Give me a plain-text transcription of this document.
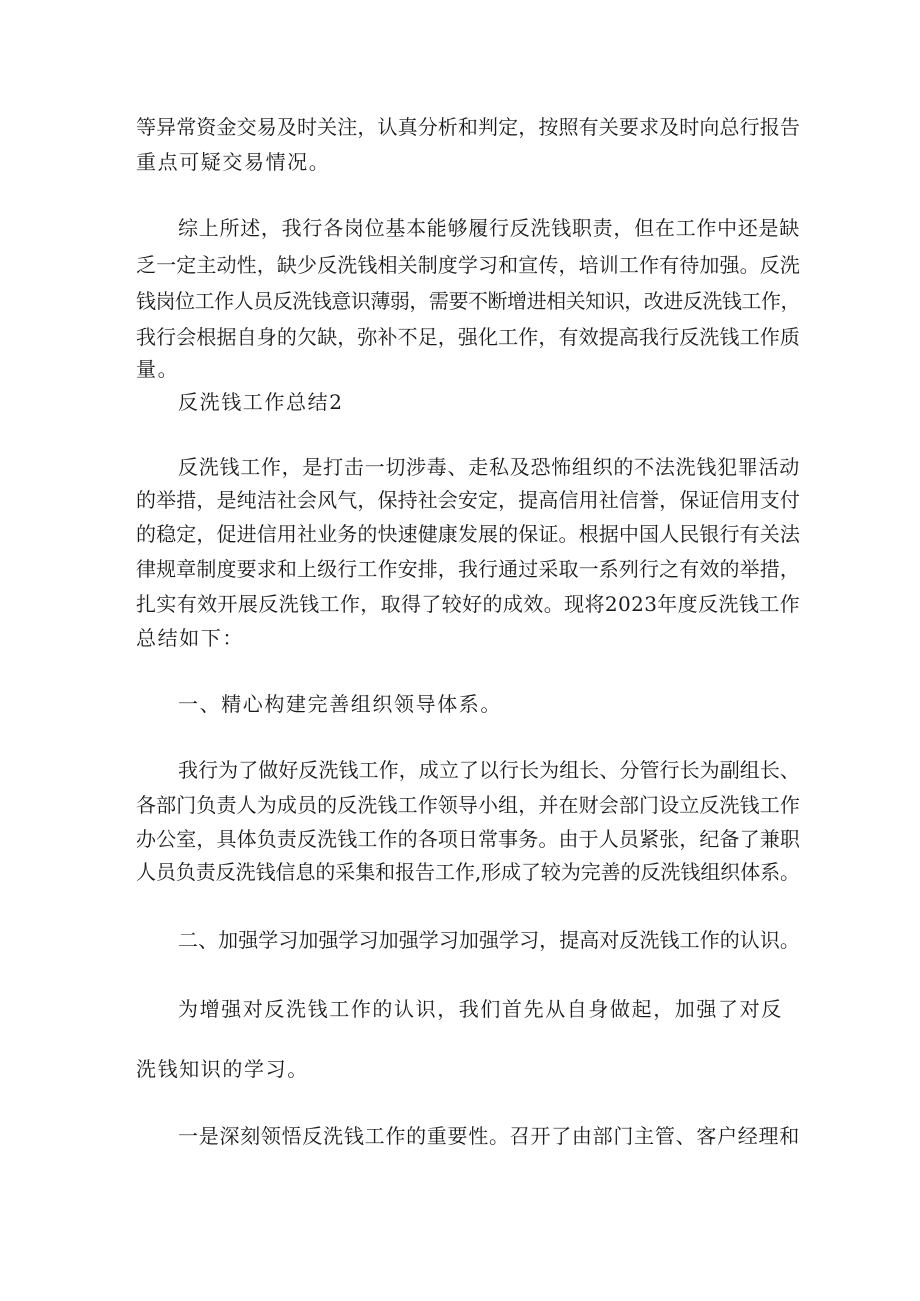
等异常资金交易及时关注，认真分析和判定，按照有关要求及时向总行报告
重点可疑交易情况。
综上所述，我行各岗位基本能够履行反洗钱职责，但在工作中还是缺
乏一定主动性，缺少反洗钱相关制度学习和宣传，培训工作有待加强。反洗
钱岗位工作人员反洗钱意识薄弱，需要不断增进相关知识，改进反洗钱工作，
我行会根据自身的欠缺，弥补不足，强化工作，有效提高我行反洗钱工作质
量。
反洗钱工作总结2
反洗钱工作，是打击一切涉毒、走私及恐怖组织的不法洗钱犯罪活动
的举措，是纯洁社会风气，保持社会安定，提高信用社信誉，保证信用支付
的稳定，促进信用社业务的快速健康发展的保证。根据中国人民银行有关法
律规章制度要求和上级行工作安排，我行通过采取一系列行之有效的举措，
扎实有效开展反洗钱工作，取得了较好的成效。现将2023年度反洗钱工作
总结如下：
一、精心构建完善组织领导体系。
我行为了做好反洗钱工作，成立了以行长为组长、分管行长为副组长、
各部门负责人为成员的反洗钱工作领导小组，并在财会部门设立反洗钱工作
办公室，具体负责反洗钱工作的各项日常事务。由于人员紧张，纪备了兼职
人员负责反洗钱信息的采集和报告工作,形成了较为完善的反洗钱组织体系。
二、加强学习加强学习加强学习加强学习，提高对反洗钱工作的认识。
为增强对反洗钱工作的认识，我们首先从自身做起，加强了对反
洗钱知识的学习。
一是深刻领悟反洗钱工作的重要性。召开了由部门主管、客户经理和
